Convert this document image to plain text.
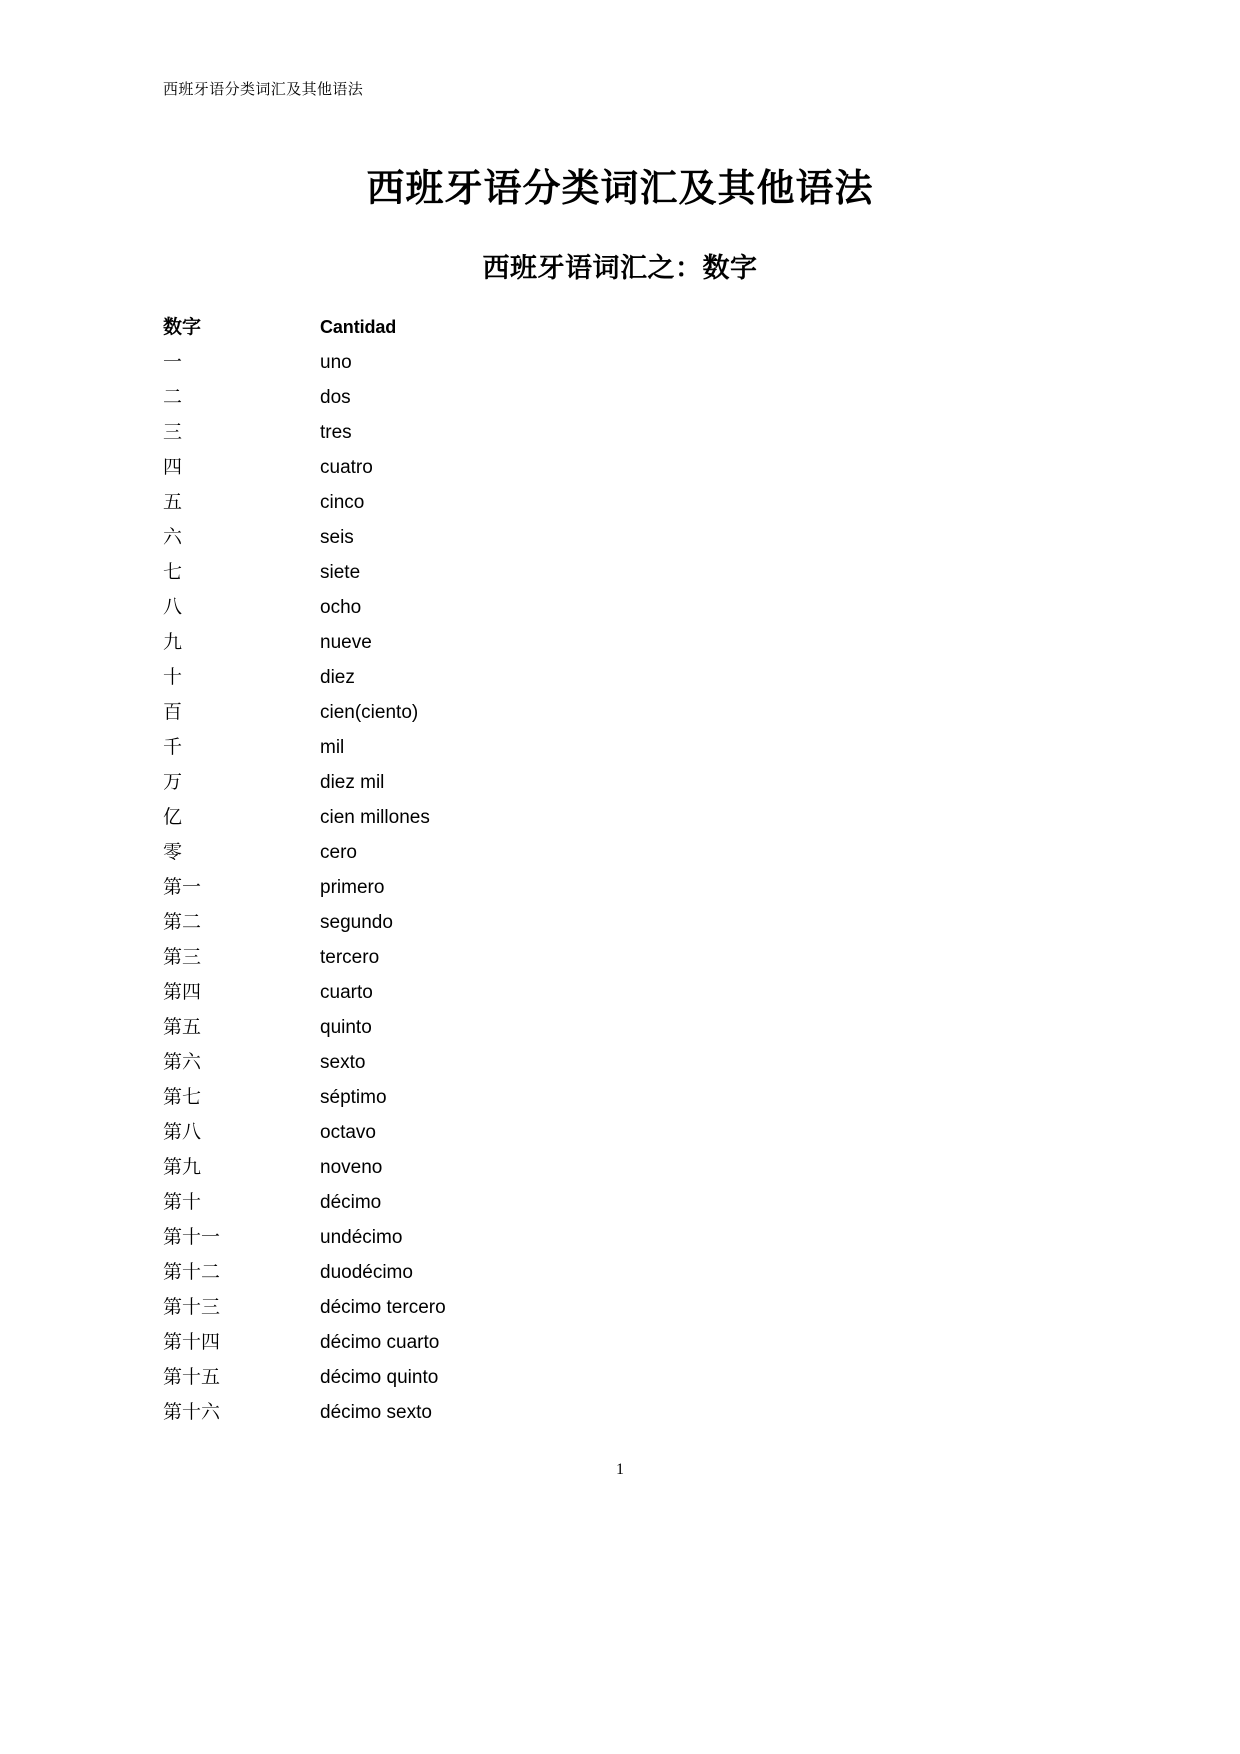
西班牙语分类词汇及其他语法
西班牙语分类词汇及其他语法
西班牙语词汇之：数字
数字	Cantidad
一	uno
二	dos
三	tres
四	cuatro
五	cinco
六	seis
七	siete
八	ocho
九	nueve
十	diez
百	cien(ciento)
千	mil
万	diez mil
亿	cien millones
零	cero
第一	primero
第二	segundo
第三	tercero
第四	cuarto
第五	quinto
第六	sexto
第七	séptimo
第八	octavo
第九	noveno
第十	décimo
第十一	undécimo
第十二	duodécimo
第十三	décimo tercero
第十四	décimo cuarto
第十五	décimo quinto
第十六	décimo sexto
1
